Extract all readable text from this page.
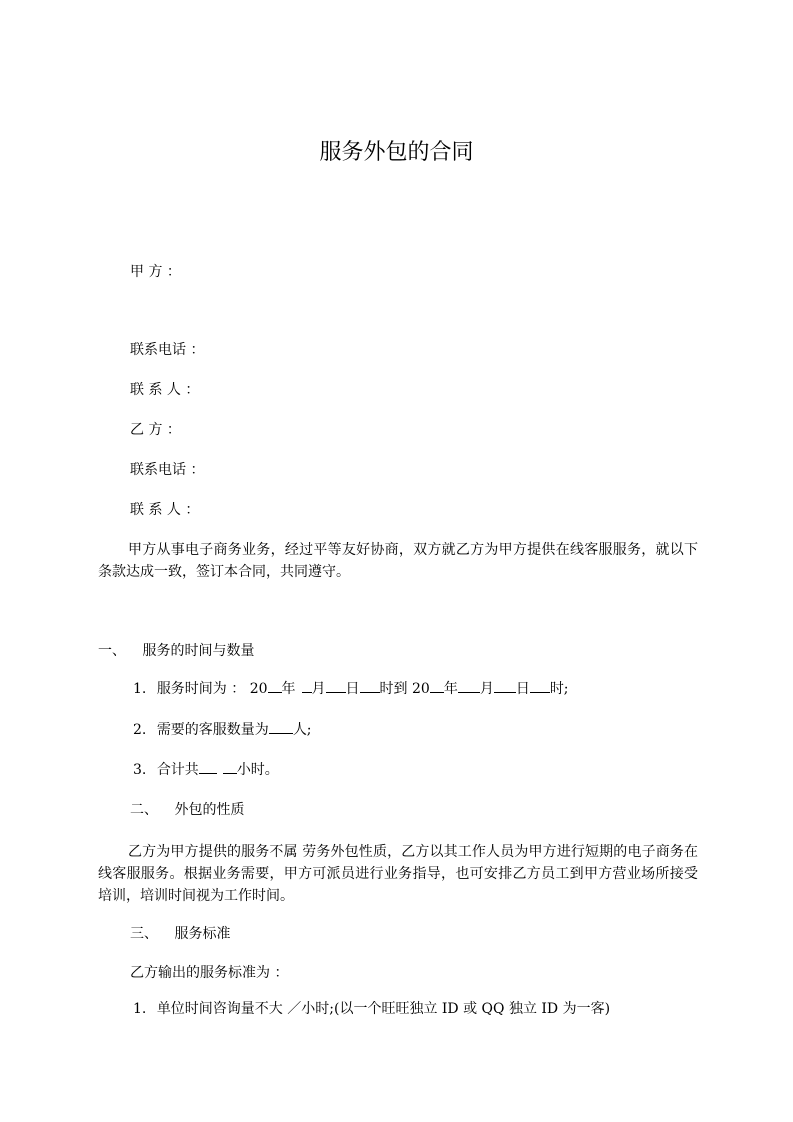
服务外包的合同
甲 方 ：
联系电话 ：
联 系 人 ：
乙 方 ：
联系电话 ：
联 系 人 ：
甲方从事电子商务业务，经过平等友好协商，双方就乙方为甲方提供在线客服服务，就以下条款达成一致，签订本合同，共同遵守。
一、 服务的时间与数量
1. 服务时间为 ： 20 年 月 日 时到 20 年 月 日 时;
2. 需要的客服数量为 人;
3. 合计共	小时。
二、 外包的性质
乙方为甲方提供的服务不属 劳务外包性质，乙方以其工作人员为甲方进行短期的电子商务在线客服服务。根据业务需要，甲方可派员进行业务指导，也可安排乙方员工到甲方营业场所接受培训，培训时间视为工作时间。
三、 服务标准
乙方输出的服务标准为 ：
1. 单位时间咨询量不大 ／小时;(以一个旺旺独立 ID 或 QQ 独立 ID 为一客)
